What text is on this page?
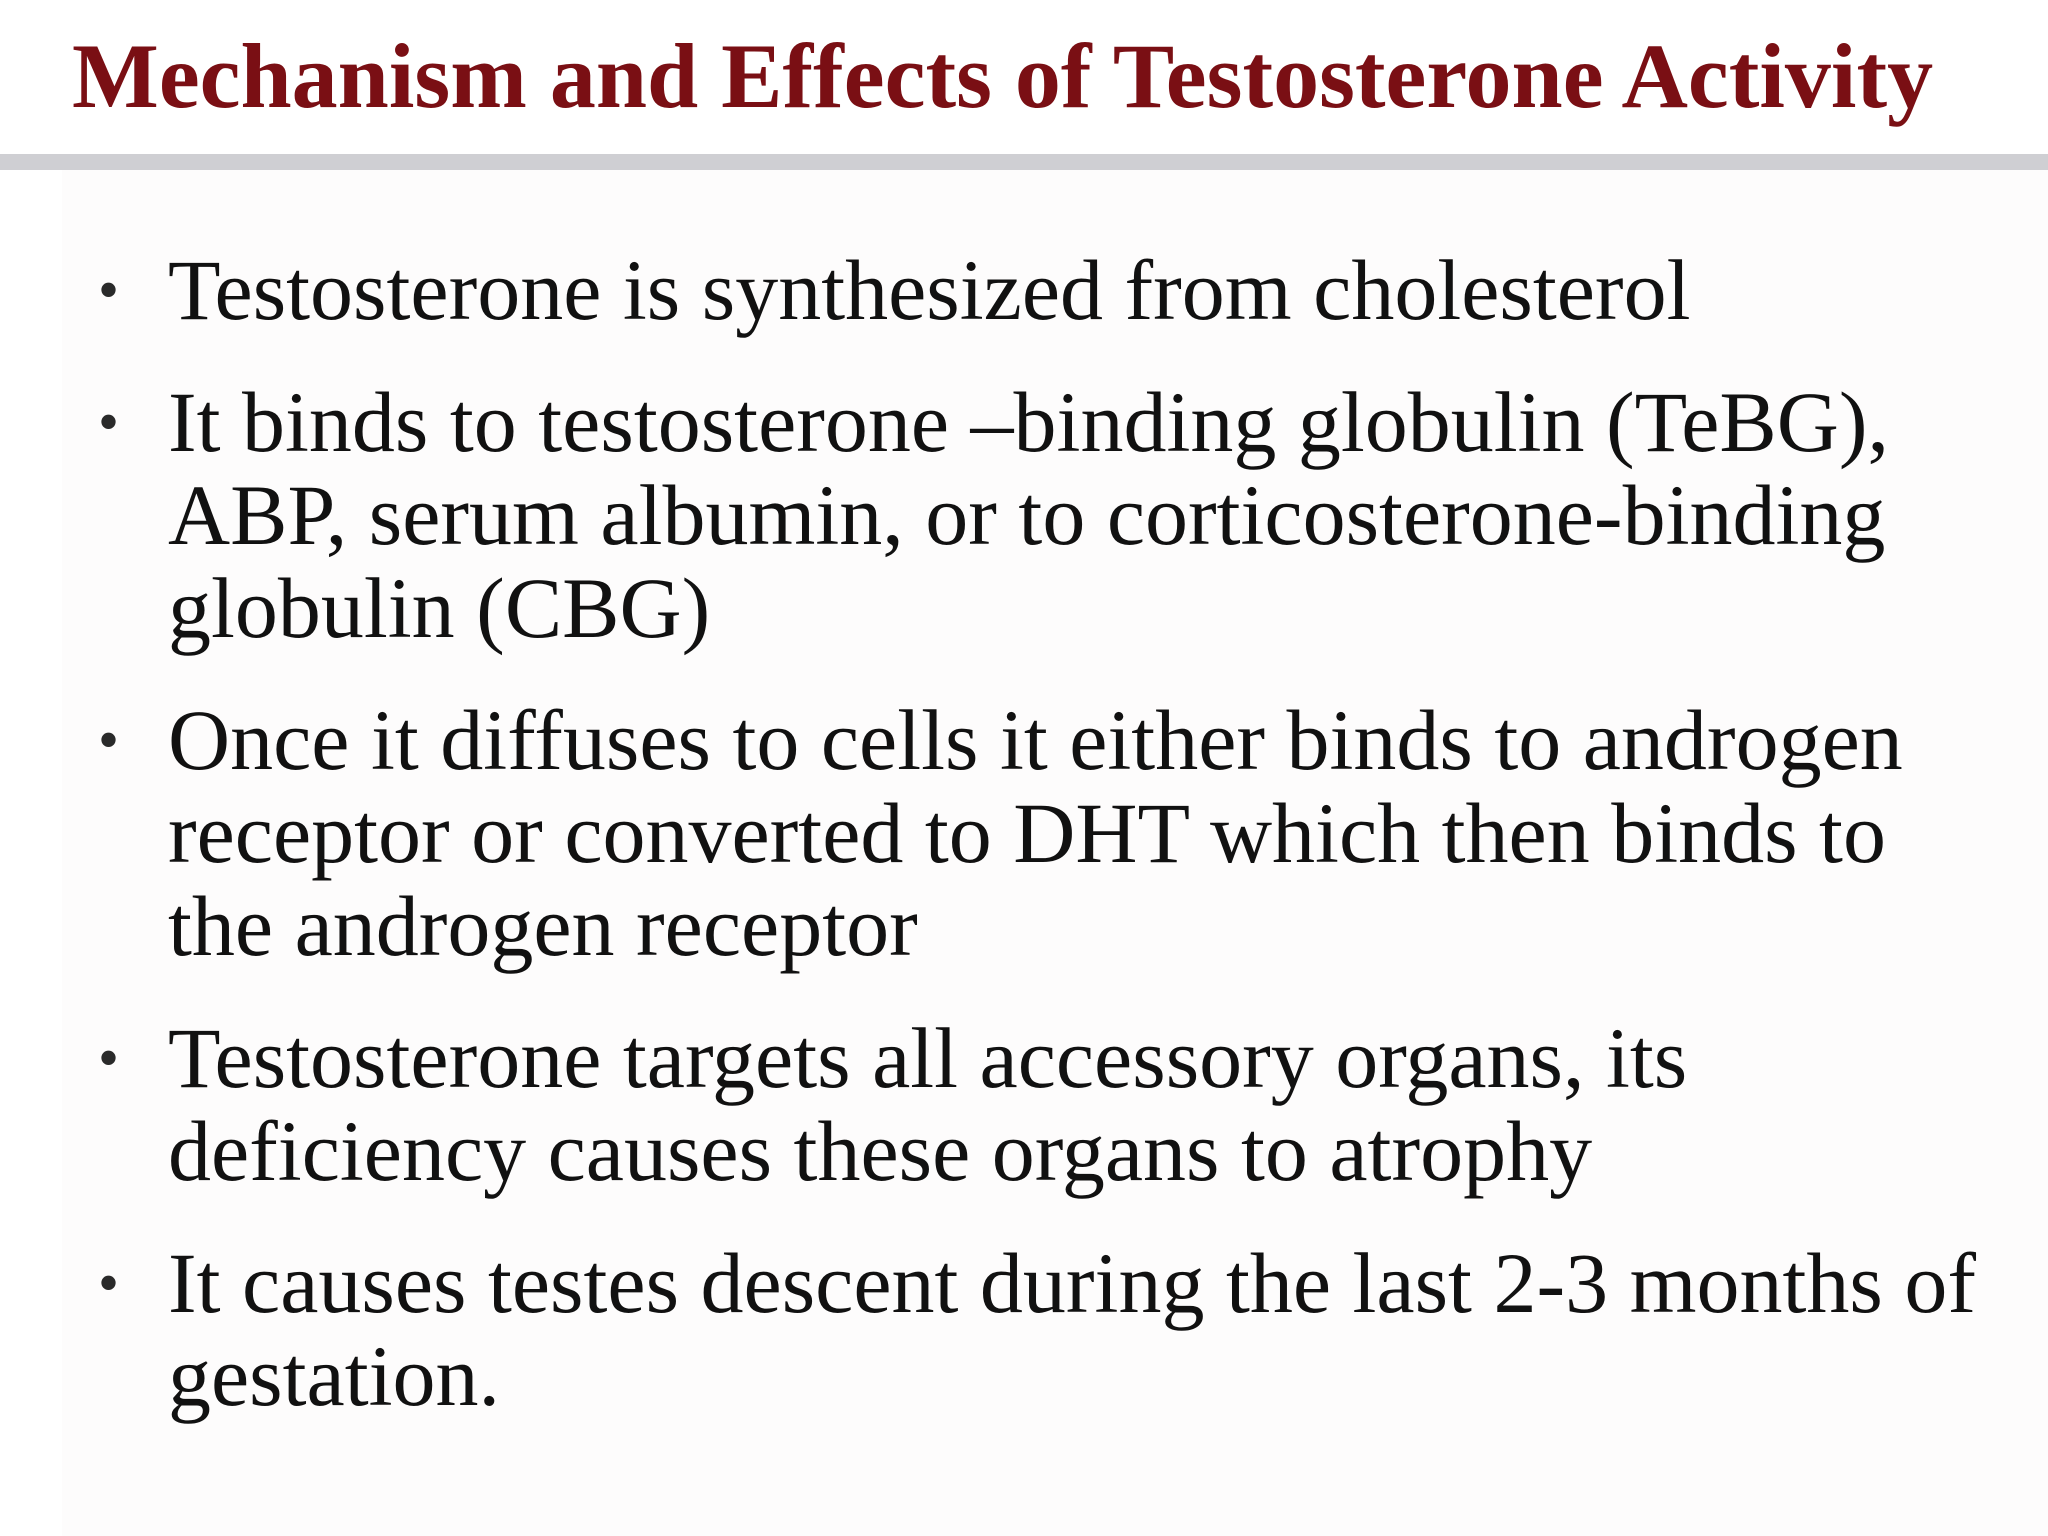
Mechanism and Effects of Testosterone Activity
• Testosterone is synthesized from cholesterol
• It binds to testosterone –binding globulin (TeBG), ABP, serum albumin, or to corticosterone-binding globulin (CBG)
• Once it diffuses to cells it either binds to androgen receptor or converted to DHT which then binds to the androgen receptor
• Testosterone targets all accessory organs, its deficiency causes these organs to atrophy
• It causes testes descent during the last 2-3 months of gestation.
